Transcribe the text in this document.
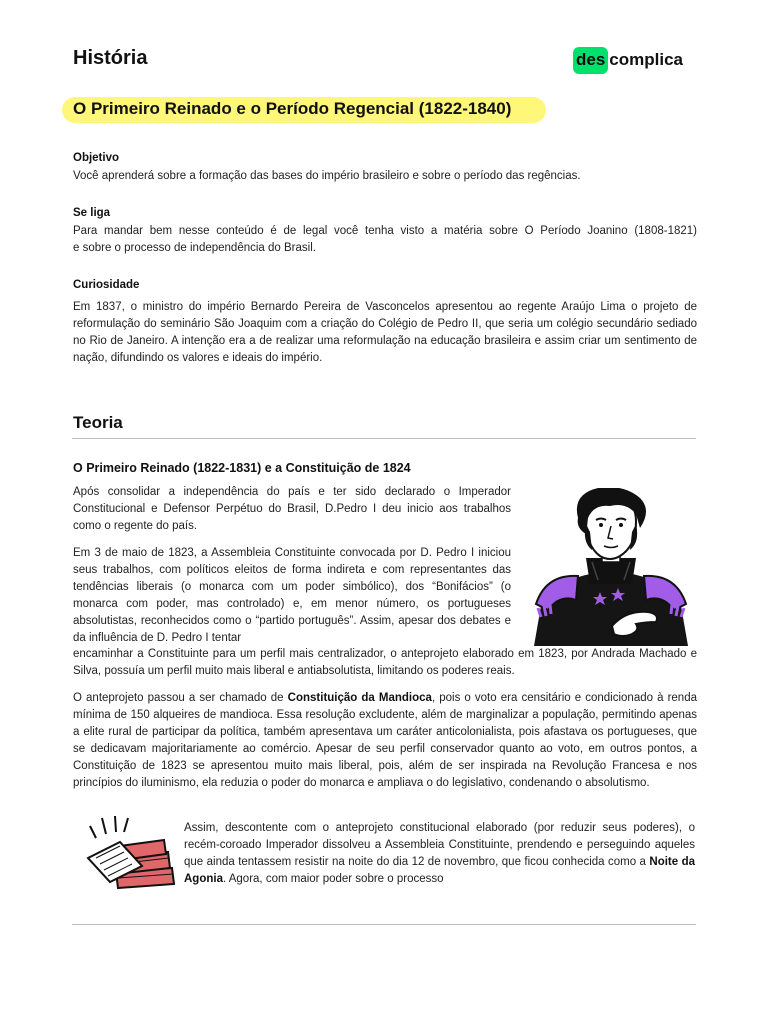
História	des complica
O Primeiro Reinado e o Período Regencial (1822-1840)
Objetivo
Você aprenderá sobre a formação das bases do império brasileiro e sobre o período das regências.
Se liga
Para mandar bem nesse conteúdo é de legal você tenha visto a matéria sobre O Período Joanino (1808-1821)
e sobre o processo de independência do Brasil.
Curiosidade
Em 1837, o ministro do império Bernardo Pereira de Vasconcelos apresentou ao regente Araújo Lima o projeto de reformulação do seminário São Joaquim com a criação do Colégio de Pedro II, que seria um colégio secundário sediado no Rio de Janeiro. A intenção era a de realizar uma reformulação na educação brasileira e assim criar um sentimento de nação, difundindo os valores e ideais do império.
Teoria
O Primeiro Reinado (1822-1831) e a Constituição de 1824
Após consolidar a independência do país e ter sido declarado o Imperador Constitucional e Defensor Perpétuo do Brasil, D.Pedro I deu inicio aos trabalhos como o regente do país.
Em 3 de maio de 1823, a Assembleia Constituinte convocada por D. Pedro I iniciou seus trabalhos, com políticos eleitos de forma indireta e com representantes das tendências liberais (o monarca com um poder simbólico), dos “Bonifácios” (o monarca com poder, mas controlado) e, em menor número, os portugueses absolutistas, reconhecidos como o “partido português”. Assim, apesar dos debates e da influência de D. Pedro I tentar
encaminhar a Constituinte para um perfil mais centralizador, o anteprojeto elaborado em 1823, por Andrada Machado e Silva, possuía um perfil muito mais liberal e antiabsolutista, limitando os poderes reais.
O anteprojeto passou a ser chamado de Constituição da Mandioca, pois o voto era censitário e condicionado à renda mínima de 150 alqueires de mandioca. Essa resolução excludente, além de marginalizar a população, permitindo apenas a elite rural de participar da política, também apresentava um caráter anticolonialista, pois afastava os portugueses, que se dedicavam majoritariamente ao comércio. Apesar de seu perfil conservador quanto ao voto, em outros pontos, a Constituição de 1823 se apresentou muito mais liberal, pois, além de ser inspirada na Revolução Francesa e nos princípios do iluminismo, ela reduzia o poder do monarca e ampliava o do legislativo, condenando o absolutismo.
Assim, descontente com o anteprojeto constitucional elaborado (por reduzir seus poderes), o recém-coroado Imperador dissolveu a Assembleia Constituinte, prendendo e perseguindo aqueles que ainda tentassem resistir na noite do dia 12 de novembro, que ficou conhecida como a Noite da Agonia. Agora, com maior poder sobre o processo
